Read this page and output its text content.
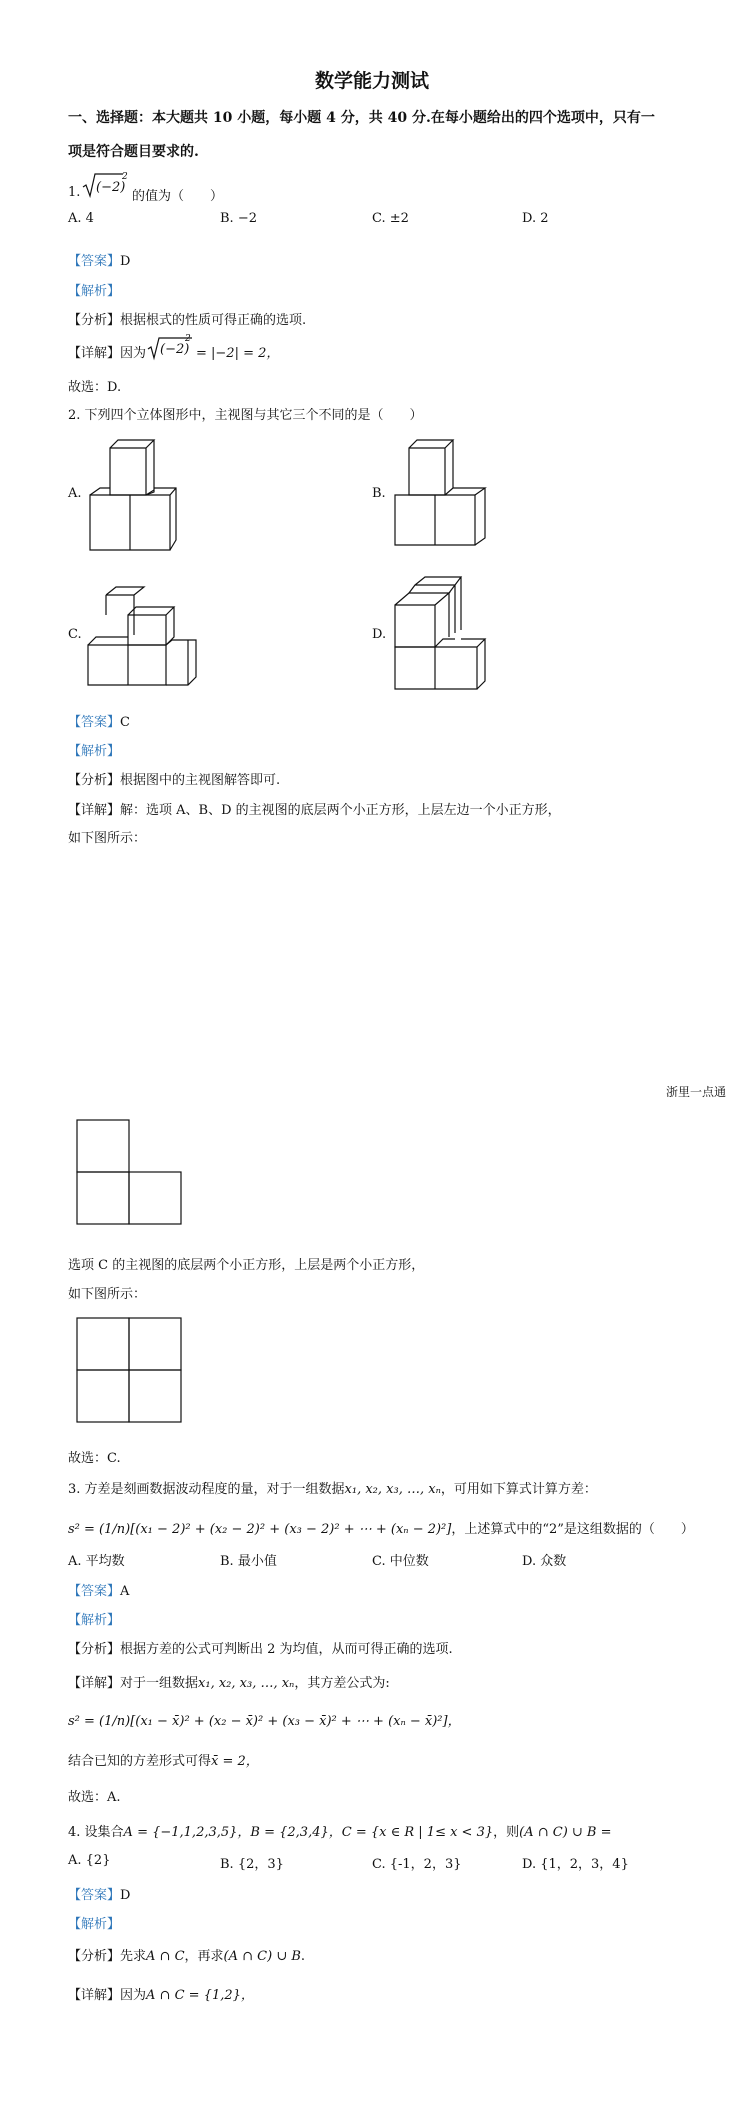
数学能力测试
一、选择题：本大题共 10 小题，每小题 4 分，共 40 分.在每小题给出的四个选项中，只有一
项是符合题目要求的.
1. (−2)
2
的值为（　　）
A. 4	B. −2	C. ±2	D. 2
【答案】D
【解析】
【分析】根据根式的性质可得正确的选项.
【详解】因为 (−2)
2
= |−2| = 2，
故选：D.
2. 下列四个立体图形中，主视图与其它三个不同的是（　　）
A.	B.
C.	D.
【答案】C
【解析】
【分析】根据图中的主视图解答即可.
【详解】解：选项 A、B、D 的主视图的底层两个小正方形，上层左边一个小正方形，
如下图所示：
浙里一点通
选项 C 的主视图的底层两个小正方形，上层是两个小正方形，
如下图所示：
故选：C.
3. 方差是刻画数据波动程度的量，对于一组数据x₁, x₂, x₃, …, xₙ，可用如下算式计算方差：
s² = (1/n)[(x₁ − 2)² + (x₂ − 2)² + (x₃ − 2)² + ⋯ + (xₙ − 2)²]，上述算式中的“2”是这组数据的（　　）
A. 平均数	B. 最小值	C. 中位数	D. 众数
【答案】A
【解析】
【分析】根据方差的公式可判断出 2 为均值，从而可得正确的选项.
【详解】对于一组数据x₁, x₂, x₃, …, xₙ，其方差公式为:
s² = (1/n)[(x₁ − x̄)² + (x₂ − x̄)² + (x₃ − x̄)² + ⋯ + (xₙ − x̄)²]，
结合已知的方差形式可得x̄ = 2，
故选：A.
4. 设集合A = {−1,1,2,3,5}，B = {2,3,4}，C = {x ∈ R | 1≤ x < 3}，则(A ∩ C) ∪ B =
A. {2}	B. {2，3}	C. {-1，2，3}	D. {1，2，3，4}
【答案】D
【解析】
【分析】先求A ∩ C，再求(A ∩ C) ∪ B.
【详解】因为A ∩ C = {1,2}，
